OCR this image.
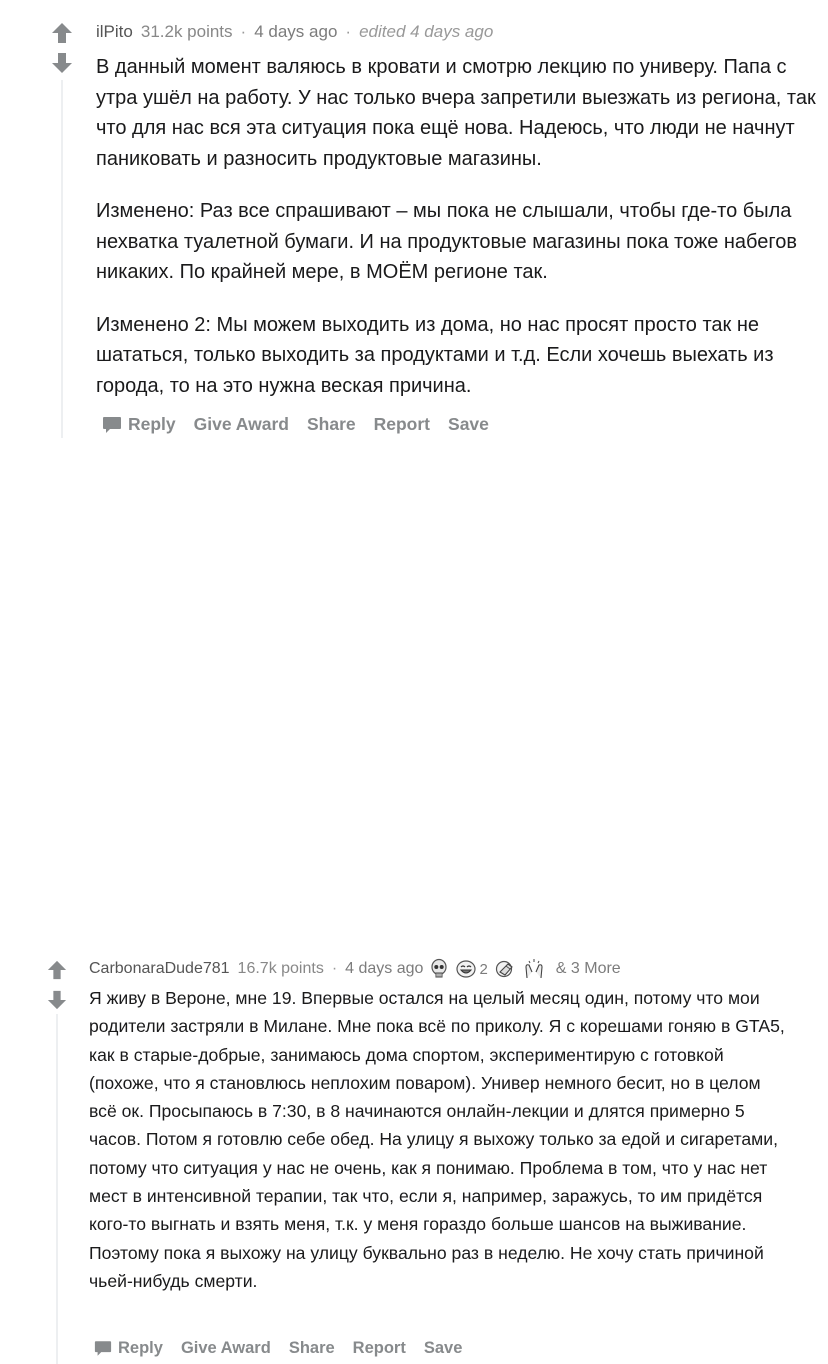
ilPito 31.2k points · 4 days ago · edited 4 days ago

В данный момент валяюсь в кровати и смотрю лекцию по универу. Папа с утра ушёл на работу. У нас только вчера запретили выезжать из региона, так что для нас вся эта ситуация пока ещё нова. Надеюсь, что люди не начнут паниковать и разносить продуктовые магазины.

Изменено: Раз все спрашивают – мы пока не слышали, чтобы где-то была нехватка туалетной бумаги. И на продуктовые магазины пока тоже набегов никаких. По крайней мере, в МОЁМ регионе так.

Изменено 2: Мы можем выходить из дома, но нас просят просто так не шататься, только выходить за продуктами и т.д. Если хочешь выехать из города, то на это нужна веская причина.

Reply Give Award Share Report Save
CarbonaraDude781 16.7k points · 4 days ago	2	& 3 More

Я живу в Вероне, мне 19. Впервые остался на целый месяц один, потому что мои родители застряли в Милане. Мне пока всё по приколу. Я с корешами гоняю в GTA5, как в старые-добрые, занимаюсь дома спортом, экспериментирую с готовкой (похоже, что я становлюсь неплохим поваром). Универ немного бесит, но в целом всё ок. Просыпаюсь в 7:30, в 8 начинаются онлайн-лекции и длятся примерно 5 часов. Потом я готовлю себе обед. На улицу я выхожу только за едой и сигаретами, потому что ситуация у нас не очень, как я понимаю. Проблема в том, что у нас нет мест в интенсивной терапии, так что, если я, например, заражусь, то им придётся кого-то выгнать и взять меня, т.к. у меня гораздо больше шансов на выживание. Поэтому пока я выхожу на улицу буквально раз в неделю. Не хочу стать причиной чьей-нибудь смерти.

Reply Give Award Share Report Save
